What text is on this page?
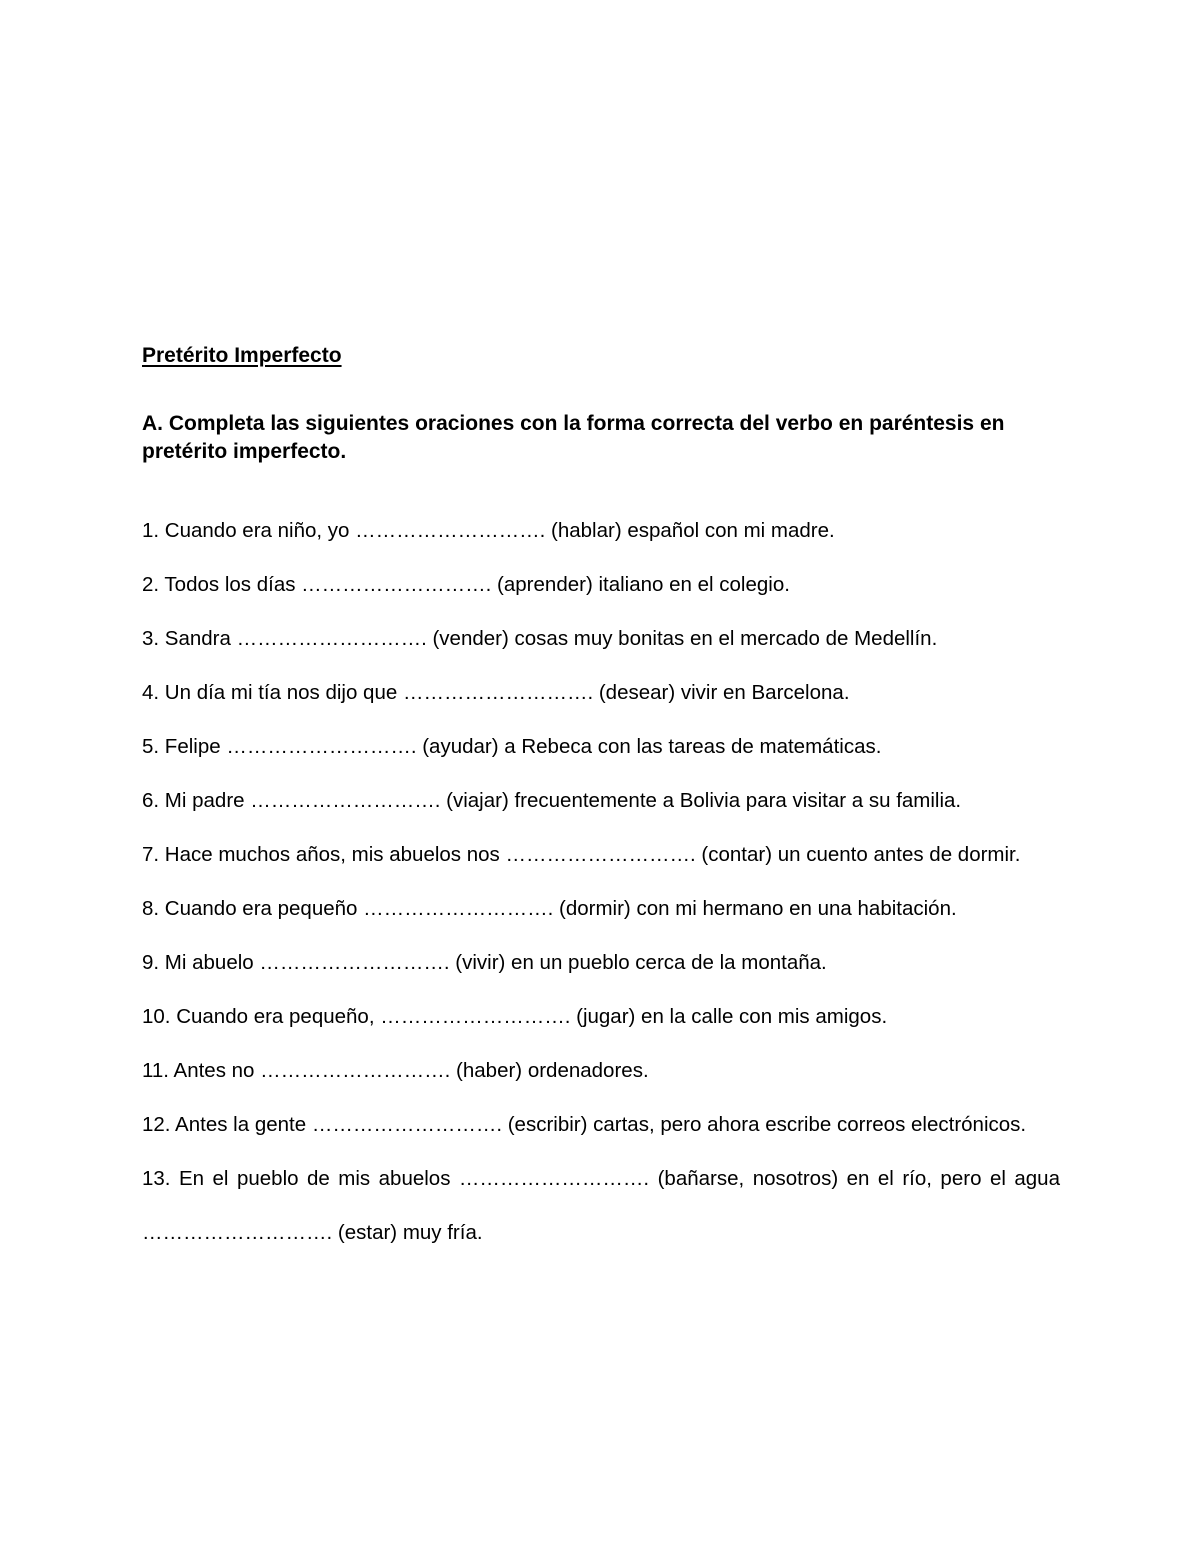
Pretérito Imperfecto

A. Completa las siguientes oraciones con la forma correcta del verbo en paréntesis en pretérito imperfecto.

1. Cuando era niño, yo ………………………. (hablar) español con mi madre.
2. Todos los días ………………………. (aprender) italiano en el colegio.
3. Sandra ………………………. (vender) cosas muy bonitas en el mercado de Medellín.
4. Un día mi tía nos dijo que ………………………. (desear) vivir en Barcelona.
5. Felipe ………………………. (ayudar) a Rebeca con las tareas de matemáticas.
6. Mi padre ………………………. (viajar) frecuentemente a Bolivia para visitar a su familia.
7. Hace muchos años, mis abuelos nos ………………………. (contar) un cuento antes de dormir.
8. Cuando era pequeño ………………………. (dormir) con mi hermano en una habitación.
9. Mi abuelo ………………………. (vivir) en un pueblo cerca de la montaña.
10. Cuando era pequeño, ………………………. (jugar) en la calle con mis amigos.
11. Antes no ………………………. (haber) ordenadores.
12. Antes la gente ………………………. (escribir) cartas, pero ahora escribe correos electrónicos.
13. En el pueblo de mis abuelos ………………………. (bañarse, nosotros) en el río, pero el agua ………………………. (estar) muy fría.
